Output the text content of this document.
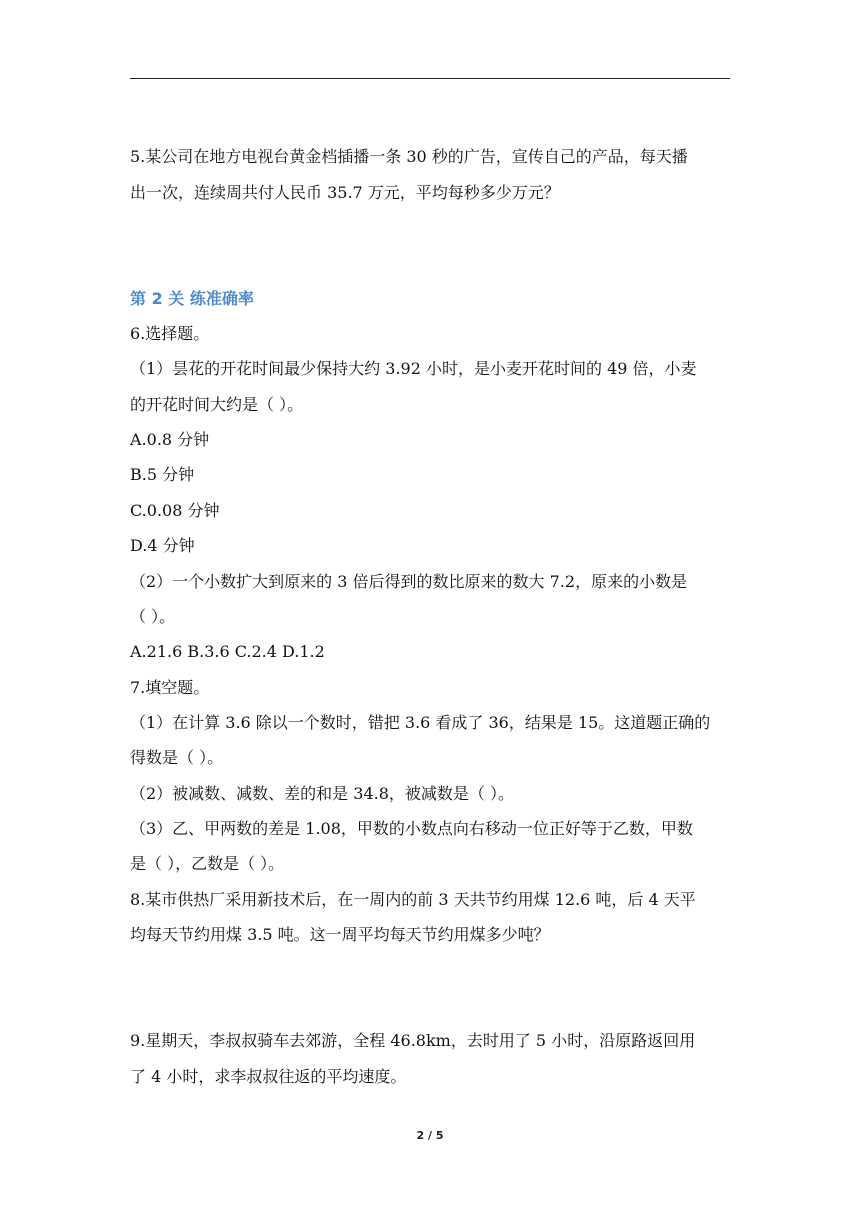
5.某公司在地方电视台黄金档插播一条 30 秒的广告，宣传自己的产品，每天播
出一次，连续周共付人民币 35.7 万元，平均每秒多少万元？
第 2 关 练准确率
6.选择题。
（1）昙花的开花时间最少保持大约 3.92 小时，是小麦开花时间的 49 倍，小麦
的开花时间大约是（ ）。
A.0.8 分钟
B.5 分钟
C.0.08 分钟
D.4 分钟
（2）一个小数扩大到原来的 3 倍后得到的数比原来的数大 7.2，原来的小数是
（ ）。
A.21.6 B.3.6 C.2.4 D.1.2
7.填空题。
（1）在计算 3.6 除以一个数时，错把 3.6 看成了 36，结果是 15。这道题正确的
得数是（ ）。
（2）被减数、减数、差的和是 34.8，被减数是（ ）。
（3）乙、甲两数的差是 1.08，甲数的小数点向右移动一位正好等于乙数，甲数
是（ ），乙数是（ ）。
8.某市供热厂采用新技术后，在一周内的前 3 天共节约用煤 12.6 吨，后 4 天平
均每天节约用煤 3.5 吨。这一周平均每天节约用煤多少吨？
9.星期天，李叔叔骑车去郊游，全程 46.8km，去时用了 5 小时，沿原路返回用
了 4 小时，求李叔叔往返的平均速度。
2 / 5
